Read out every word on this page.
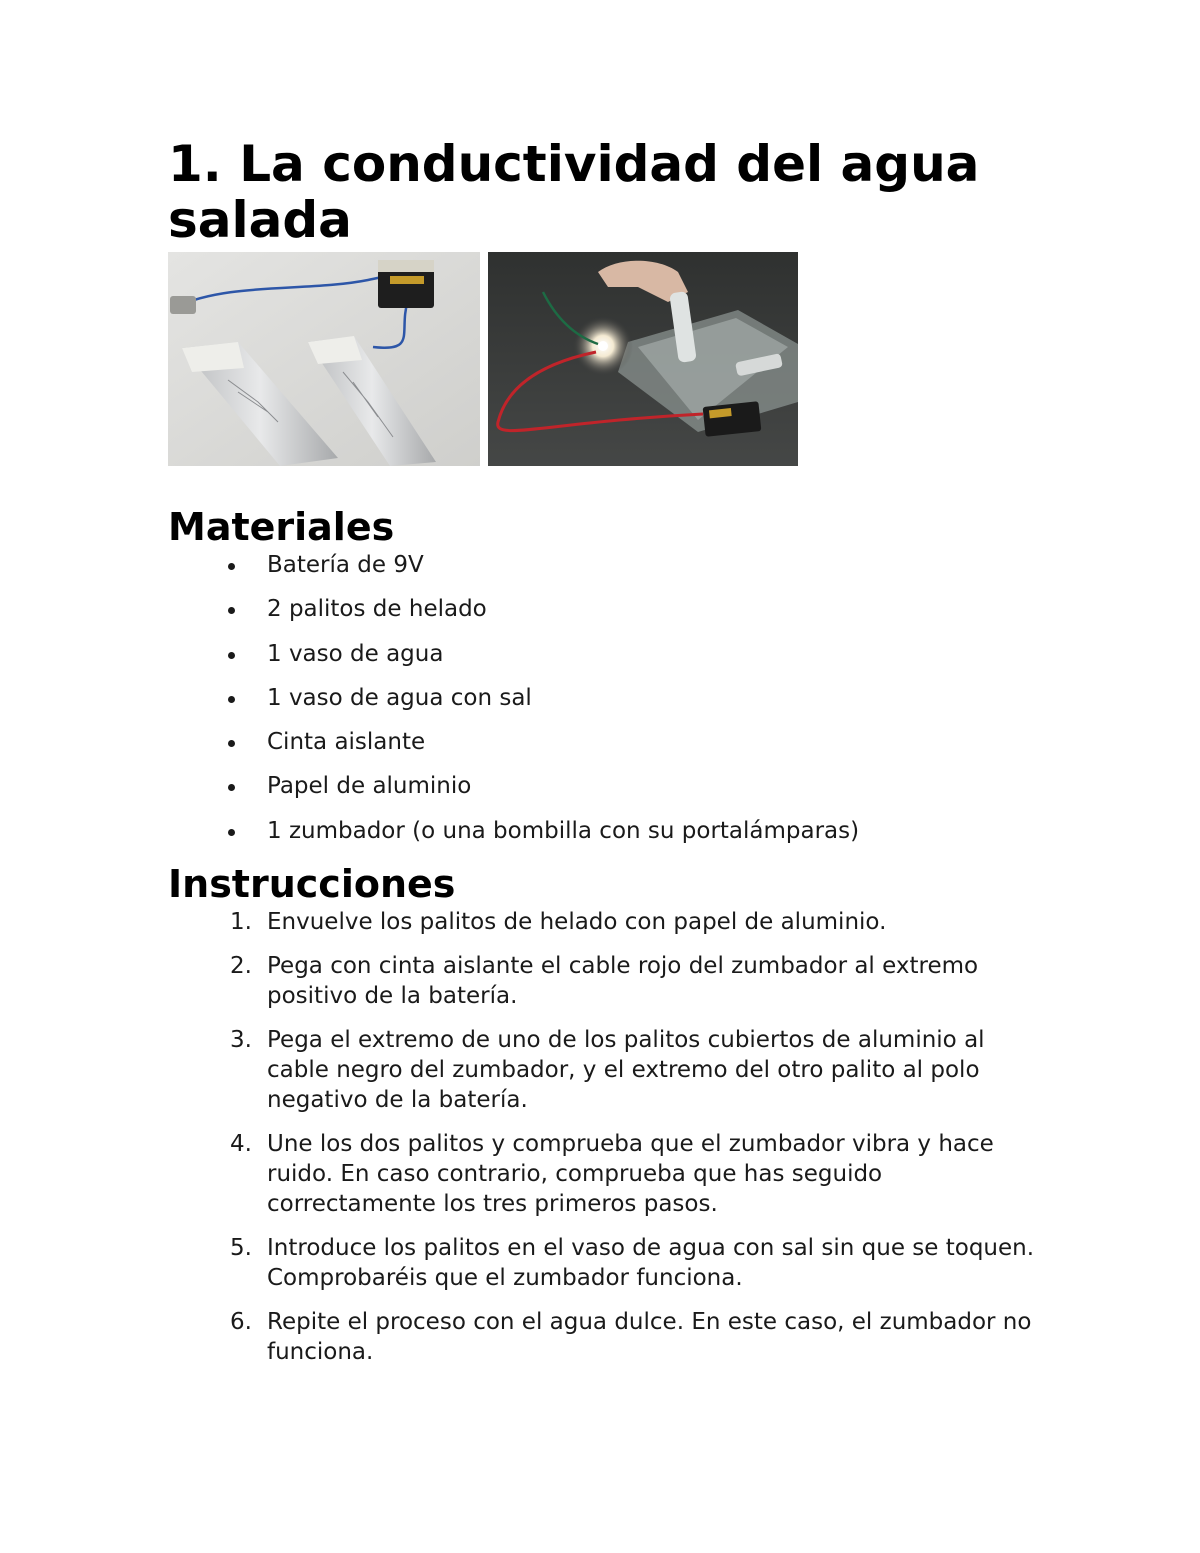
1. La conductividad del agua salada
Materiales
Batería de 9V
2 palitos de helado
1 vaso de agua
1 vaso de agua con sal
Cinta aislante
Papel de aluminio
1 zumbador (o una bombilla con su portalámparas)
Instrucciones
1. Envuelve los palitos de helado con papel de aluminio.
2. Pega con cinta aislante el cable rojo del zumbador al extremo positivo de la batería.
3. Pega el extremo de uno de los palitos cubiertos de aluminio al cable negro del zumbador, y el extremo del otro palito al polo negativo de la batería.
4. Une los dos palitos y comprueba que el zumbador vibra y hace ruido. En caso contrario, comprueba que has seguido correctamente los tres primeros pasos.
5. Introduce los palitos en el vaso de agua con sal sin que se toquen. Comprobaréis que el zumbador funciona.
6. Repite el proceso con el agua dulce. En este caso, el zumbador no funciona.
